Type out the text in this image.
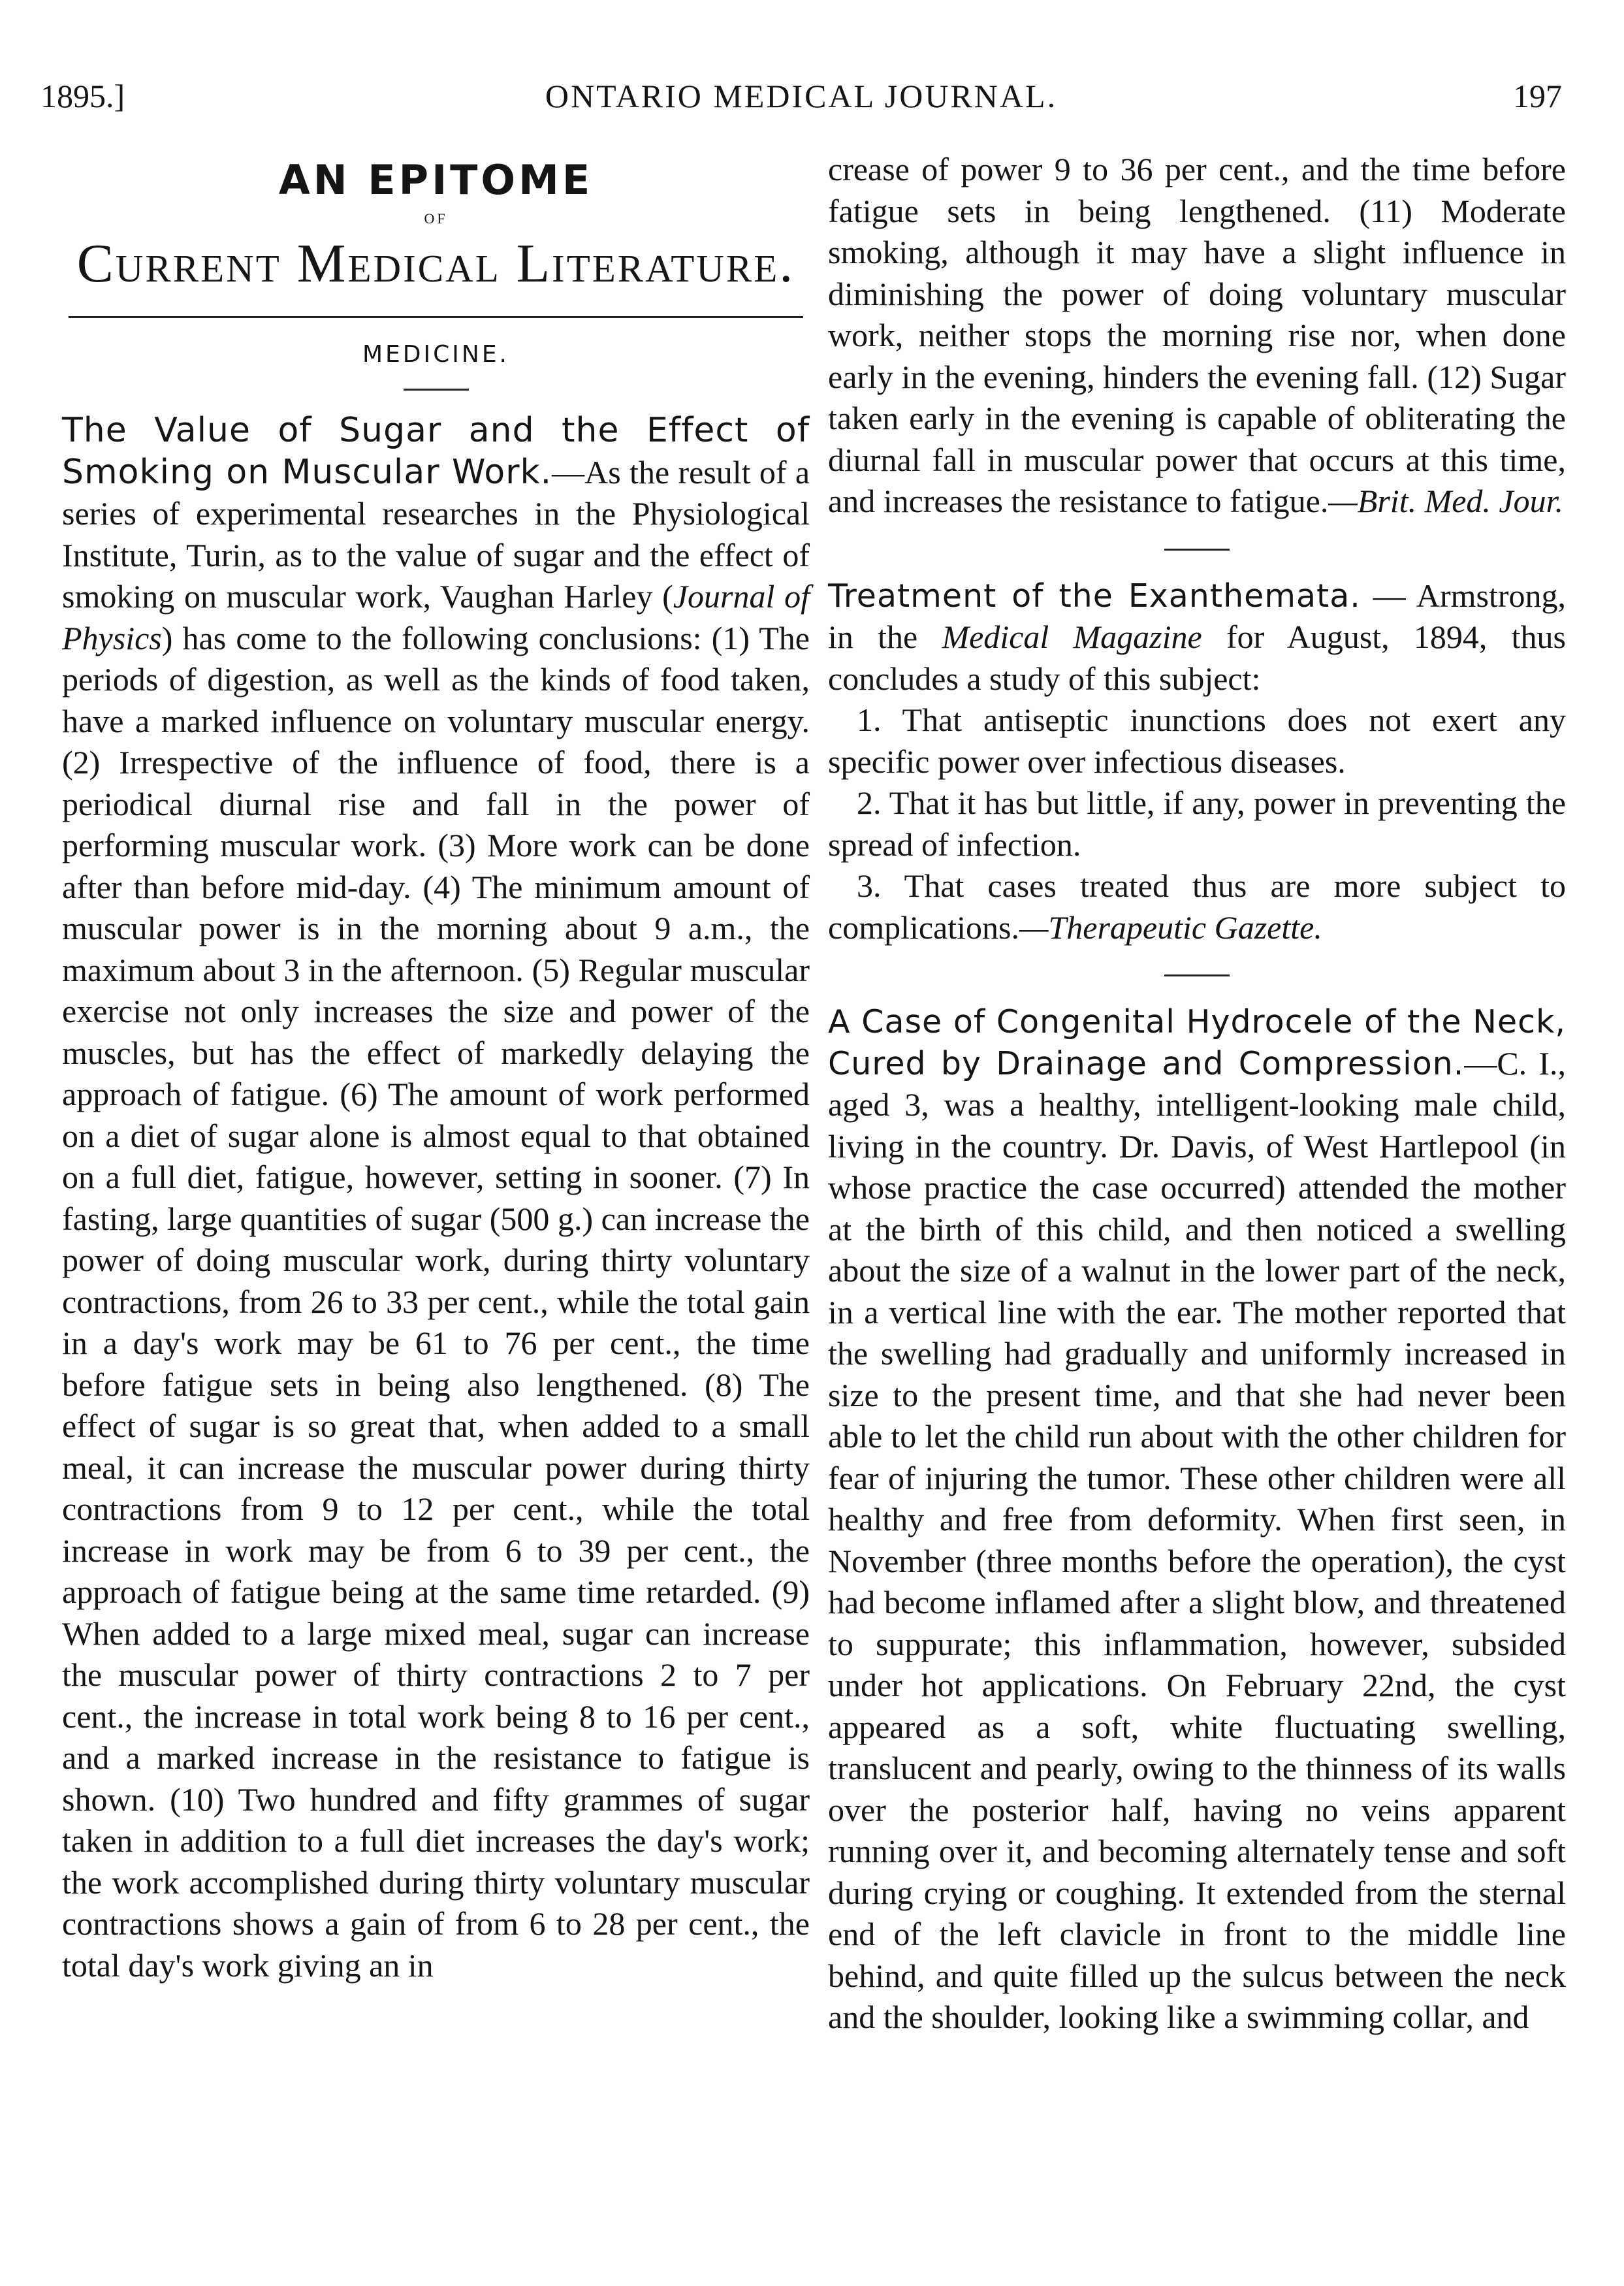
1895.]	ONTARIO MEDICAL JOURNAL.	197
AN EPITOME
OF
Current Medical Literature.
MEDICINE.

The Value of Sugar and the Effect of Smoking on Muscular Work.—As the result of a series of experimental researches in the Physiological Institute, Turin, as to the value of sugar and the effect of smoking on muscular work, Vaughan Harley (Journal of Physics) has come to the following conclusions: (1) The periods of digestion, as well as the kinds of food taken, have a marked influence on voluntary muscular energy. (2) Irrespective of the influence of food, there is a periodical diurnal rise and fall in the power of performing muscular work. (3) More work can be done after than before mid-day. (4) The minimum amount of muscular power is in the morning about 9 a.m., the maximum about 3 in the afternoon. (5) Regular muscular exercise not only increases the size and power of the muscles, but has the effect of markedly delaying the approach of fatigue. (6) The amount of work performed on a diet of sugar alone is almost equal to that obtained on a full diet, fatigue, however, setting in sooner. (7) In fasting, large quantities of sugar (500 g.) can increase the power of doing muscular work, during thirty voluntary contractions, from 26 to 33 per cent., while the total gain in a day's work may be 61 to 76 per cent., the time before fatigue sets in being also lengthened. (8) The effect of sugar is so great that, when added to a small meal, it can increase the muscular power during thirty contractions from 9 to 12 per cent., while the total increase in work may be from 6 to 39 per cent., the approach of fatigue being at the same time retarded. (9) When added to a large mixed meal, sugar can increase the muscular power of thirty contractions 2 to 7 per cent., the increase in total work being 8 to 16 per cent., and a marked increase in the resistance to fatigue is shown. (10) Two hundred and fifty grammes of sugar taken in addition to a full diet increases the day's work; the work accomplished during thirty voluntary muscular contractions shows a gain of from 6 to 28 per cent., the total day's work giving an in

crease of power 9 to 36 per cent., and the time before fatigue sets in being lengthened. (11) Moderate smoking, although it may have a slight influence in diminishing the power of doing voluntary muscular work, neither stops the morning rise nor, when done early in the evening, hinders the evening fall. (12) Sugar taken early in the evening is capable of obliterating the diurnal fall in muscular power that occurs at this time, and increases the resistance to fatigue.—Brit. Med. Jour.

Treatment of the Exanthemata. — Armstrong, in the Medical Magazine for August, 1894, thus concludes a study of this subject:

1. That antiseptic inunctions does not exert any specific power over infectious diseases.

2. That it has but little, if any, power in preventing the spread of infection.

3. That cases treated thus are more subject to complications.—Therapeutic Gazette.

A Case of Congenital Hydrocele of the Neck, Cured by Drainage and Compression.—C. I., aged 3, was a healthy, intelligent-looking male child, living in the country. Dr. Davis, of West Hartlepool (in whose practice the case occurred) attended the mother at the birth of this child, and then noticed a swelling about the size of a walnut in the lower part of the neck, in a vertical line with the ear. The mother reported that the swelling had gradually and uniformly increased in size to the present time, and that she had never been able to let the child run about with the other children for fear of injuring the tumor. These other children were all healthy and free from deformity. When first seen, in November (three months before the operation), the cyst had become inflamed after a slight blow, and threatened to suppurate; this inflammation, however, subsided under hot applications. On February 22nd, the cyst appeared as a soft, white fluctuating swelling, translucent and pearly, owing to the thinness of its walls over the posterior half, having no veins apparent running over it, and becoming alternately tense and soft during crying or coughing. It extended from the sternal end of the left clavicle in front to the middle line behind, and quite filled up the sulcus between the neck and the shoulder, looking like a swimming collar, and
